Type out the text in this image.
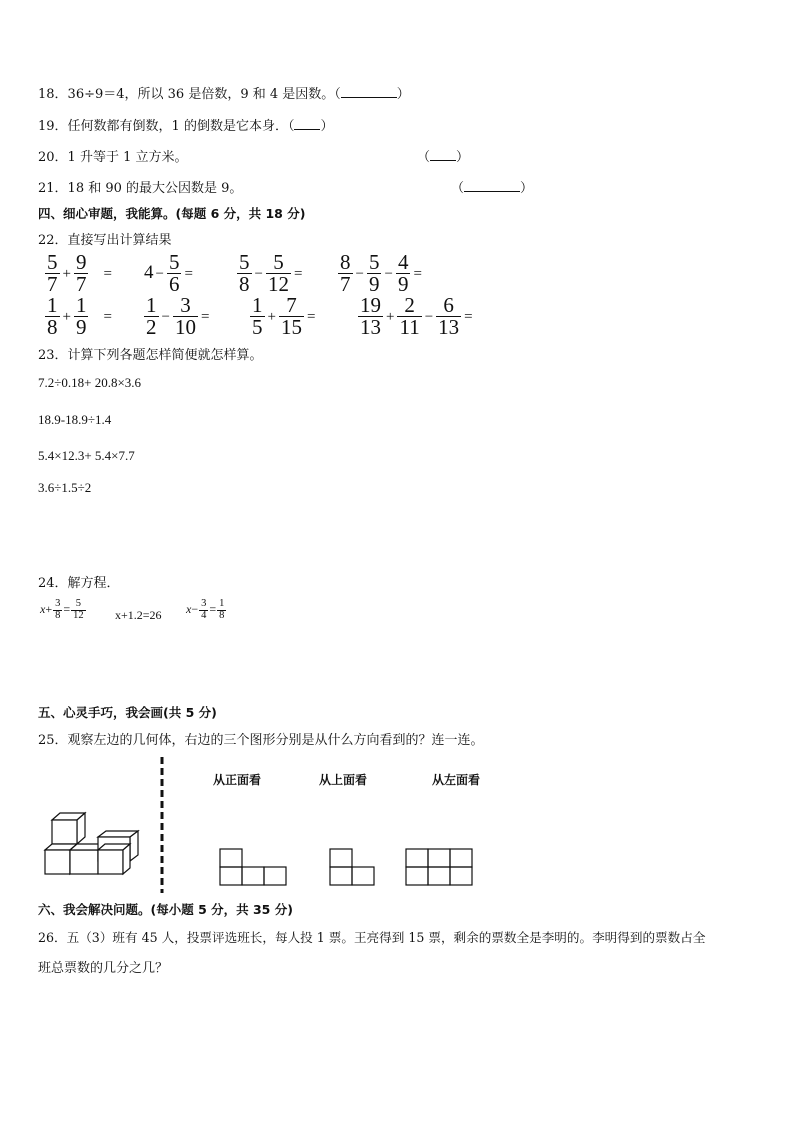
18．36÷9＝4，所以 36 是倍数，9 和 4 是因数。（	）
19．任何数都有倒数，1 的倒数是它本身．（ ）
20．1 升等于 1 立方米。	（ ）
21．18 和 90 的最大公因数是 9。	（	）
四、细心审题，我能算。(每题 6 分，共 18 分)
22．直接写出计算结果
$\frac{5}{7} + \frac{9}{7} = 4 - \frac{5}{6} = \frac{5}{8} - \frac{5}{12} = \frac{8}{7} - \frac{5}{9} - \frac{4}{9}$ =
$\frac{1}{8} + \frac{1}{9} = \frac{1}{2} - \frac{3}{10} = \frac{1}{5} + \frac{7}{15} = \frac{19}{13} + \frac{2}{11} - \frac{6}{13}$ =
23．计算下列各题怎样简便就怎样算。
7.2÷0.18+ 20.8×3.6
18.9-18.9÷1.4
5.4×12.3+ 5.4×7.7
3.6÷1.5÷2
24．解方程．
$x+ \frac{3}{8} = \frac{5}{12} x+1.2=26$ $x- \frac{3}{4} = \frac{1}{8}$
五、心灵手巧，我会画(共 5 分)
25．观察左边的几何体，右边的三个图形分别是从什么方向看到的？连一连。
从正面看	从上面看	从左面看
六、我会解决问题。(每小题 5 分，共 35 分)
26．五（3）班有 45 人，投票评选班长，每人投 1 票。王亮得到 15 票，剩余的票数全是李明的。李明得到的票数占全
班总票数的几分之几？
